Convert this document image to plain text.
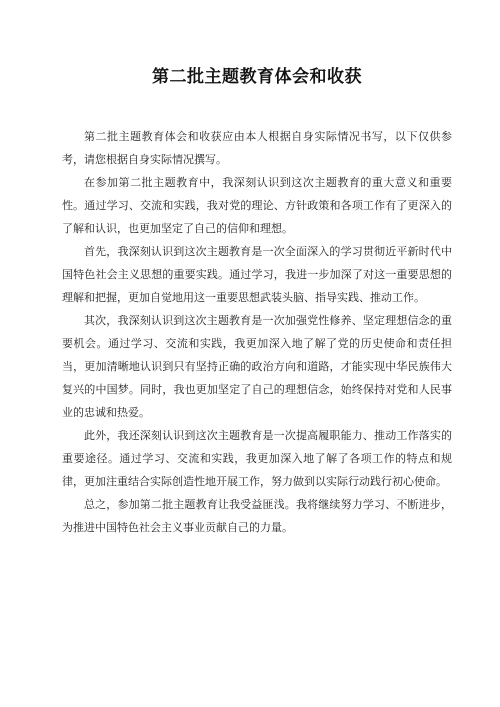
第二批主题教育体会和收获

第二批主题教育体会和收获应由本人根据自身实际情况书写，以下仅供参考，请您根据自身实际情况撰写。

在参加第二批主题教育中，我深刻认识到这次主题教育的重大意义和重要性。通过学习、交流和实践，我对党的理论、方针政策和各项工作有了更深入的了解和认识，也更加坚定了自己的信仰和理想。

首先，我深刻认识到这次主题教育是一次全面深入的学习贯彻近平新时代中国特色社会主义思想的重要实践。通过学习，我进一步加深了对这一重要思想的理解和把握，更加自觉地用这一重要思想武装头脑、指导实践、推动工作。

其次，我深刻认识到这次主题教育是一次加强党性修养、坚定理想信念的重要机会。通过学习、交流和实践，我更加深入地了解了党的历史使命和责任担当，更加清晰地认识到只有坚持正确的政治方向和道路，才能实现中华民族伟大复兴的中国梦。同时，我也更加坚定了自己的理想信念，始终保持对党和人民事业的忠诚和热爱。

此外，我还深刻认识到这次主题教育是一次提高履职能力、推动工作落实的重要途径。通过学习、交流和实践，我更加深入地了解了各项工作的特点和规律，更加注重结合实际创造性地开展工作，努力做到以实际行动践行初心使命。

总之，参加第二批主题教育让我受益匪浅。我将继续努力学习、不断进步，为推进中国特色社会主义事业贡献自己的力量。
